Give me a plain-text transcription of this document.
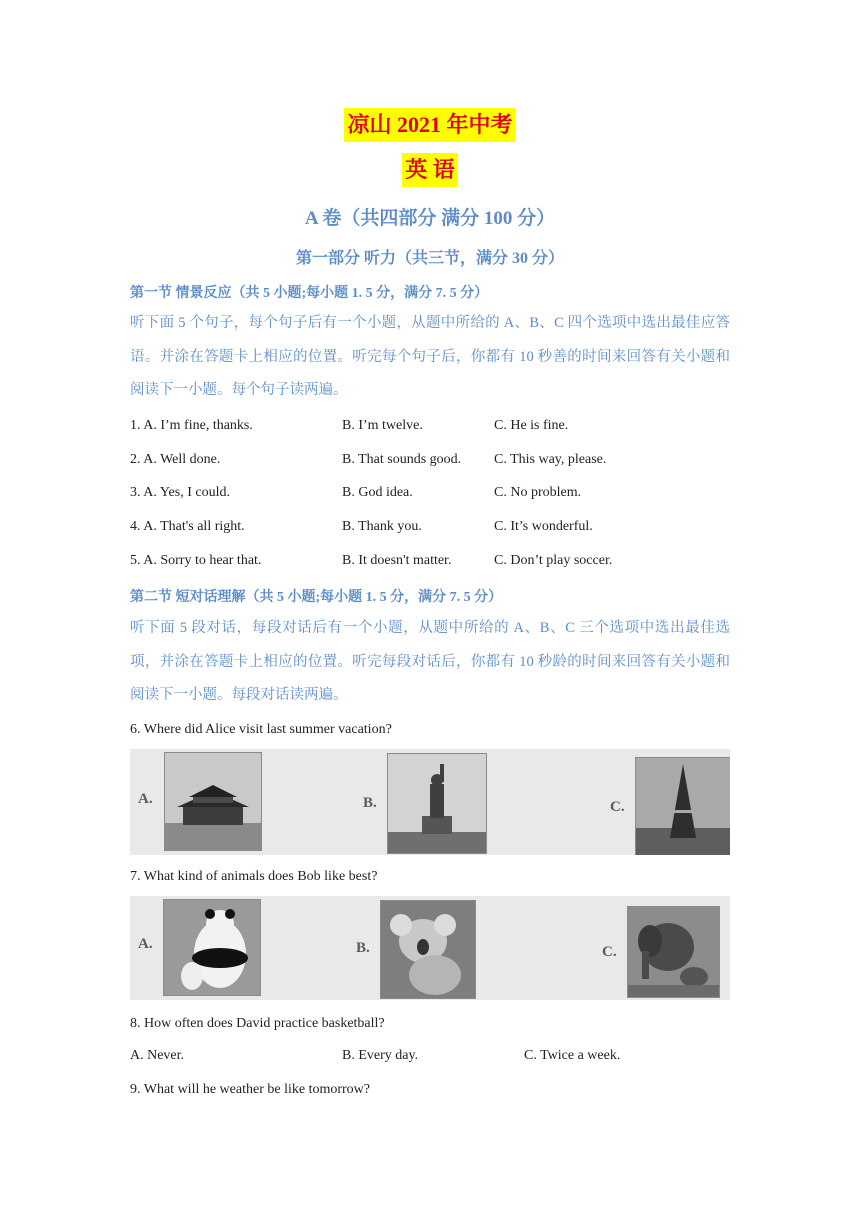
凉山 2021 年中考
英 语
A 卷（共四部分 满分 100 分）
第一部分 听力（共三节，满分 30 分）
第一节 情景反应（共 5 小题;每小题 1. 5 分，满分 7. 5 分）
听下面 5 个句子，每个句子后有一个小题，从题中所给的 A、B、C 四个选项中选出最佳应答语。并涂在答题卡上相应的位置。听完每个句子后，你都有 10 秒善的时间来回答有关小题和阅读下一小题。每个句子读两遍。
1. A. I’m fine, thanks.	B. I’m twelve.	C. He is fine.
2. A. Well done.	B. That sounds good. C. This way, please.
3. A. Yes, I could.	B. God idea.	C. No problem.
4. A. That's all right.	B. Thank you.	C. It’s wonderful.
5. A. Sorry to hear that.	B. It doesn't matter.	C. Don’t play soccer.
第二节 短对话理解（共 5 小题;每小题 1. 5 分，满分 7. 5 分）
听下面 5 段对话，每段对话后有一个小题，从题中所给的 A、B、C 三个选项中选出最佳选项，并涂在答题卡上相应的位置。听完每段对话后，你都有 10 秒龄的时间来回答有关小题和阅读下一小题。每段对话读两遍。
6. Where did Alice visit last summer vacation?
A.	B.	C.
7. What kind of animals does Bob like best?
A.	B.	C.
8. How often does David practice basketball?
A. Never.	B. Every day.	C. Twice a week.
9. What will he weather be like tomorrow?
